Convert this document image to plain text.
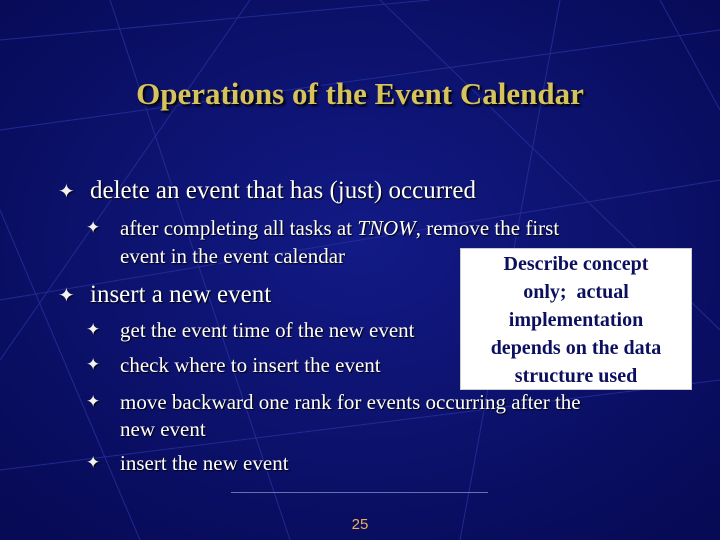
Operations of the Event Calendar
✦ delete an event that has (just) occurred
✦ after completing all tasks at TNOW, remove the first
event in the event calendar
✦ insert a new event
✦ get the event time of the new event
✦ check where to insert the event
✦ move backward one rank for events occurring after the
new event
✦ insert the new event
Describe concept
only;  actual
implementation
depends on the data
structure used
25
